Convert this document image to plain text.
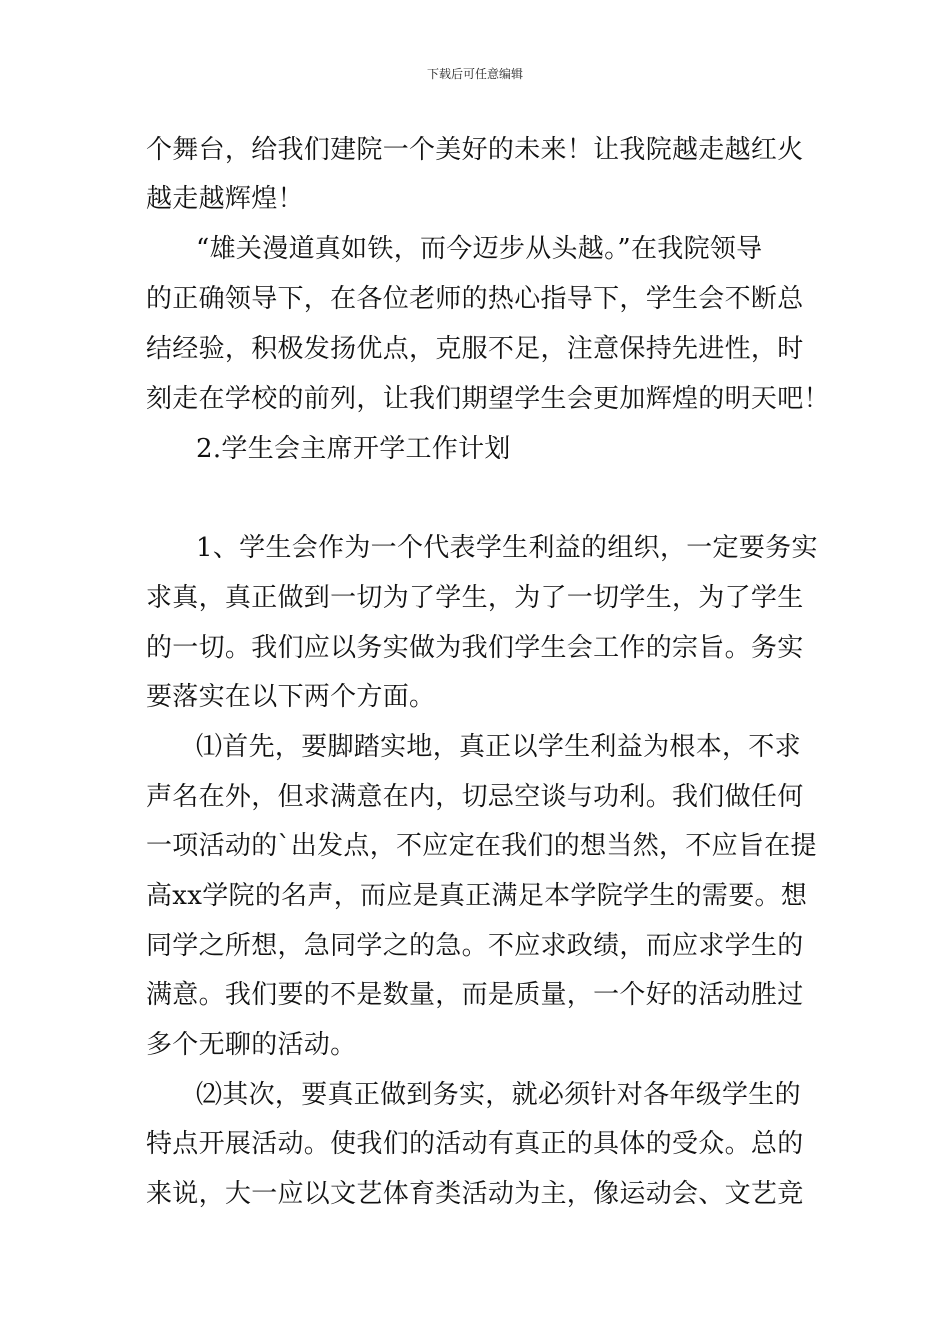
下载后可任意编辑
个舞台，给我们建院一个美好的未来！让我院越走越红火
越走越辉煌！
“雄关漫道真如铁，而今迈步从头越。”在我院领导
的正确领导下，在各位老师的热心指导下，学生会不断总
结经验，积极发扬优点，克服不足，注意保持先进性，时
刻走在学校的前列，让我们期望学生会更加辉煌的明天吧！
2.学生会主席开学工作计划
1、学生会作为一个代表学生利益的组织，一定要务实
求真，真正做到一切为了学生，为了一切学生，为了学生
的一切。我们应以务实做为我们学生会工作的宗旨。务实
要落实在以下两个方面。
⑴首先，要脚踏实地，真正以学生利益为根本，不求
声名在外，但求满意在内，切忌空谈与功利。我们做任何
一项活动的`出发点，不应定在我们的想当然，不应旨在提
高xx学院的名声，而应是真正满足本学院学生的需要。想
同学之所想，急同学之的急。不应求政绩，而应求学生的
满意。我们要的不是数量，而是质量，一个好的活动胜过
多个无聊的活动。
⑵其次，要真正做到务实，就必须针对各年级学生的
特点开展活动。使我们的活动有真正的具体的受众。总的
来说，大一应以文艺体育类活动为主，像运动会、文艺竞
